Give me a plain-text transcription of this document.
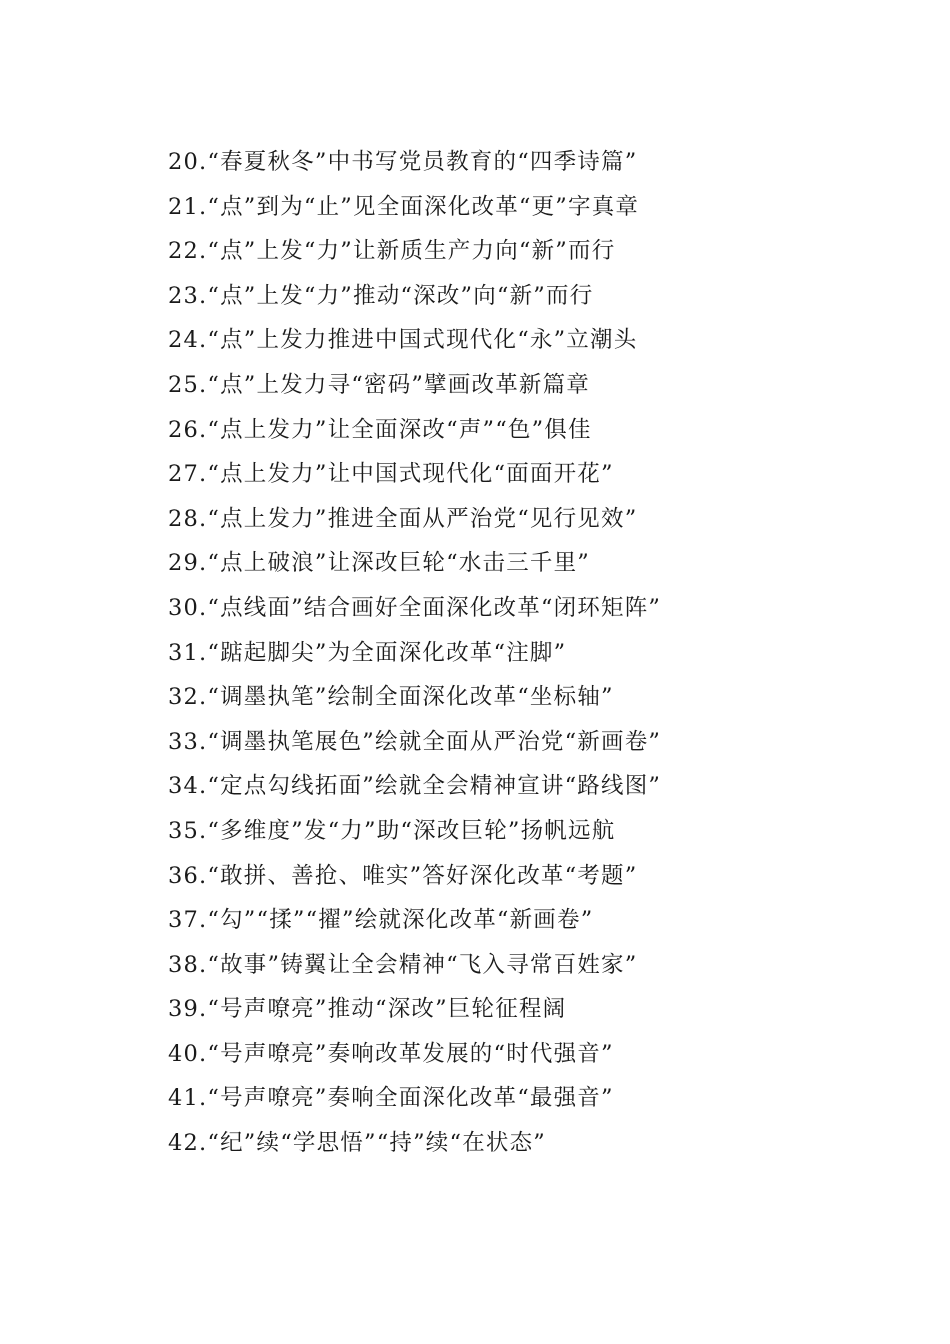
20.“春夏秋冬”中书写党员教育的“四季诗篇”
21.“点”到为“止”见全面深化改革“更”字真章
22.“点”上发“力”让新质生产力向“新”而行
23.“点”上发“力”推动“深改”向“新”而行
24.“点”上发力推进中国式现代化“永”立潮头
25.“点”上发力寻“密码”擘画改革新篇章
26.“点上发力”让全面深改“声”“色”俱佳
27.“点上发力”让中国式现代化“面面开花”
28.“点上发力”推进全面从严治党“见行见效”
29.“点上破浪”让深改巨轮“水击三千里”
30.“点线面”结合画好全面深化改革“闭环矩阵”
31.“踮起脚尖”为全面深化改革“注脚”
32.“调墨执笔”绘制全面深化改革“坐标轴”
33.“调墨执笔展色”绘就全面从严治党“新画卷”
34.“定点勾线拓面”绘就全会精神宣讲“路线图”
35.“多维度”发“力”助“深改巨轮”扬帆远航
36.“敢拼、善抢、唯实”答好深化改革“考题”
37.“勾”“揉”“擢”绘就深化改革“新画卷”
38.“故事”铸翼让全会精神“飞入寻常百姓家”
39.“号声嘹亮”推动“深改”巨轮征程阔
40.“号声嘹亮”奏响改革发展的“时代强音”
41.“号声嘹亮”奏响全面深化改革“最强音”
42.“纪”续“学思悟”“持”续“在状态”
